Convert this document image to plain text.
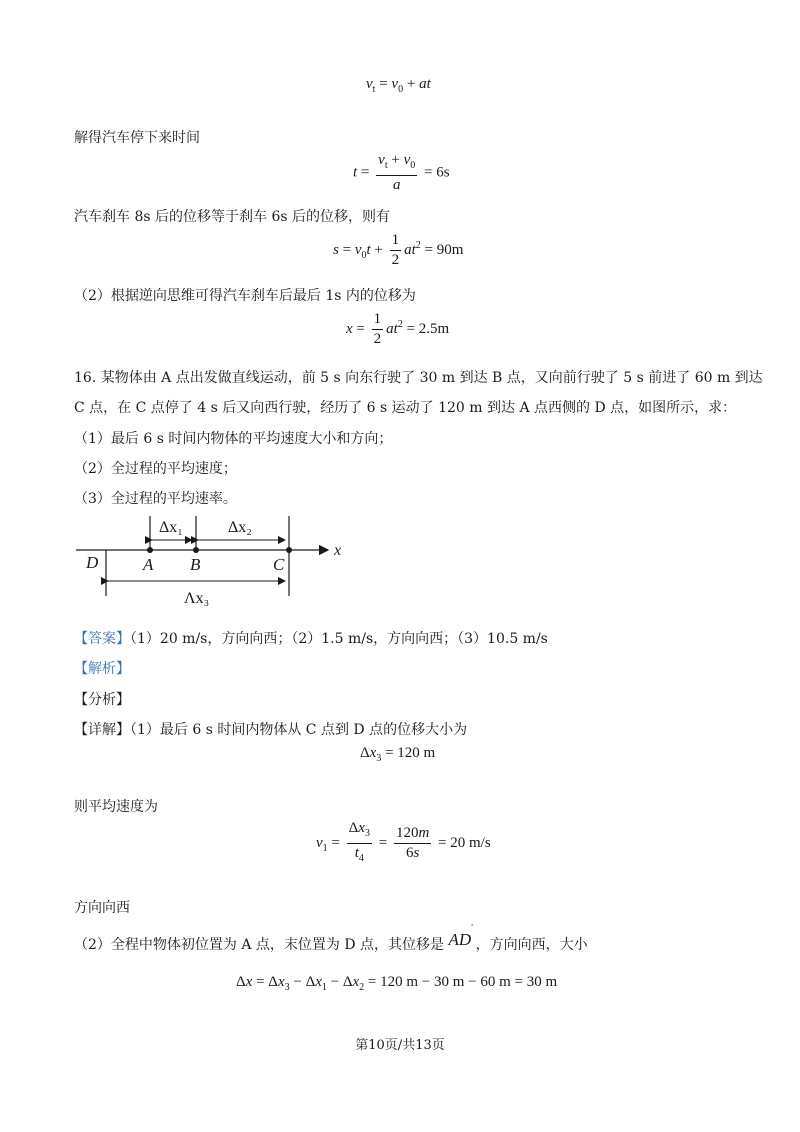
$v_t = v_0$ + at
解得汽车停下来时间
$t = \frac{v_t + v_0}{a} = 6s$
汽车刹车 8s 后的位移等于刹车 6s 后的位移，则有
$s = v_0t + \frac{1}{2} at^2 = 90m$
（2）根据逆向思维可得汽车刹车后最后 1s 内的位移为
$x = \frac{1}{2} at^2 = 2.5m$
16. 某物体由 A 点出发做直线运动，前 5 s 向东行驶了 30 m 到达 B 点，又向前行驶了 5 s 前进了 60 m 到达
C 点，在 C 点停了 4 s 后又向西行驶，经历了 6 s 运动了 120 m 到达 A 点西侧的 D 点，如图所示，求：
（1）最后 6 s 时间内物体的平均速度大小和方向；
（2）全过程的平均速度；
（3）全过程的平均速率。
x
Δx₁	Δx₂
Λx₃
D	A B	C
【答案】（1）20 m/s，方向向西；（2）1.5 m/s，方向向西；（3）10.5 m/s
【解析】
【分析】
【详解】（1）最后 6 s 时间内物体从 C 点到 D 点的位移大小为
$\Delta x_3 = 120$ m
则平均速度为
$v_1 = \frac{\Delta x_3}{t_4} = \frac{120m}{6s} = 20$ m/s
方向向西
（2）全程中物体初位置为 A 点，末位置为 D 点，其位移是 AD
˙
，方向向西，大小
$\Delta x = \Delta x_3 - \Delta x_1 - \Delta x_2 = 120$ m − 30 m − 60 m = 30 m
第10页/共13页
